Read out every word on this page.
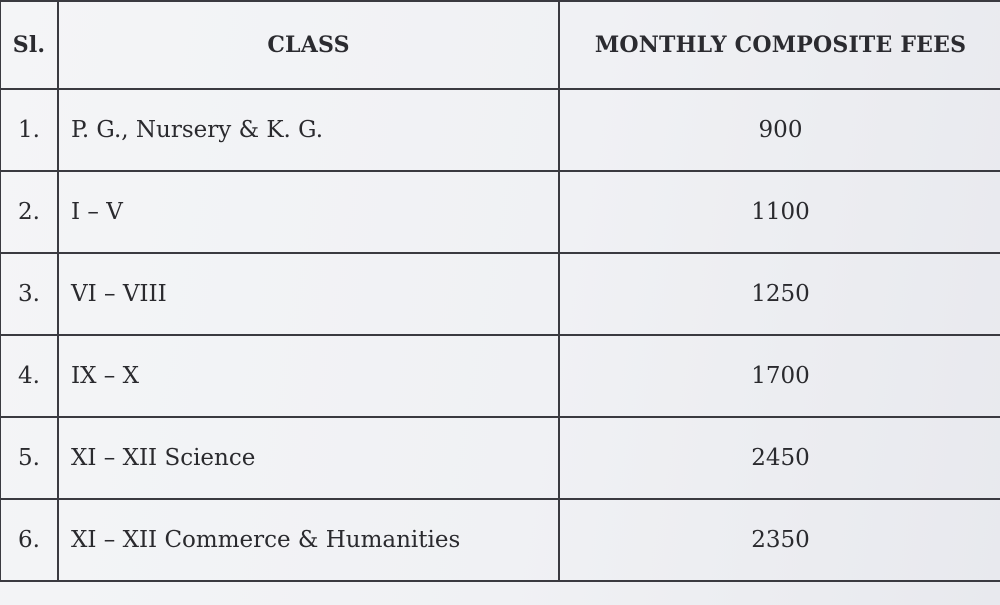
Sl.	CLASS	MONTHLY COMPOSITE FEES
1.	P. G., Nursery & K. G.	900
2.	I – V	1100
3.	VI – VIII	1250
4.	IX – X	1700
5.	XI – XII Science	2450
6.	XI – XII Commerce & Humanities	2350
